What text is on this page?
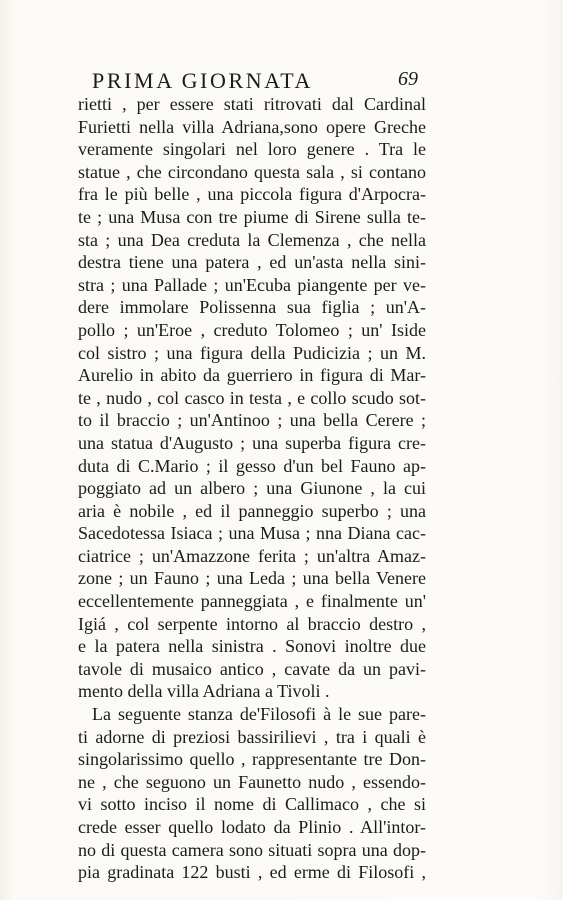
PRIMA GIORNATA	69
rietti , per essere stati ritrovati dal Cardinal
Furietti nella villa Adriana,sono opere Greche
veramente singolari nel loro genere . Tra le
statue , che circondano questa sala , si contano
fra le più belle , una piccola figura d'Arpocra-
te ; una Musa con tre piume di Sirene sulla te-
sta ; una Dea creduta la Clemenza , che nella
destra tiene una patera , ed un'asta nella sini-
stra ; una Pallade ; un'Ecuba piangente per ve-
dere immolare Polissenna sua figlia ; un'A-
pollo ; un'Eroe , creduto Tolomeo ; un' Iside
col sistro ; una figura della Pudicizia ; un M.
Aurelio in abito da guerriero in figura di Mar-
te , nudo , col casco in testa , e collo scudo sot-
to il braccio ; un'Antinoo ; una bella Cerere ;
una statua d'Augusto ; una superba figura cre-
duta di C.Mario ; il gesso d'un bel Fauno ap-
poggiato ad un albero ; una Giunone , la cui
aria è nobile , ed il panneggio superbo ; una
Sacedotessa Isiaca ; una Musa ; nna Diana cac-
ciatrice ; un'Amazzone ferita ; un'altra Amaz-
zone ; un Fauno ; una Leda ; una bella Venere
eccellentemente panneggiata , e finalmente un'
Igiá , col serpente intorno al braccio destro ,
e la patera nella sinistra . Sonovi inoltre due
tavole di musaico antico , cavate da un pavi-
mento della villa Adriana a Tivoli .
La seguente stanza de'Filosofi à le sue pare-
ti adorne di preziosi bassirilievi , tra i quali è
singolarissimo quello , rappresentante tre Don-
ne , che seguono un Faunetto nudo , essendo-
vi sotto inciso il nome di Callimaco , che si
crede esser quello lodato da Plinio . All'intor-
no di questa camera sono situati sopra una dop-
pia gradinata 122 busti , ed erme di Filosofi ,
